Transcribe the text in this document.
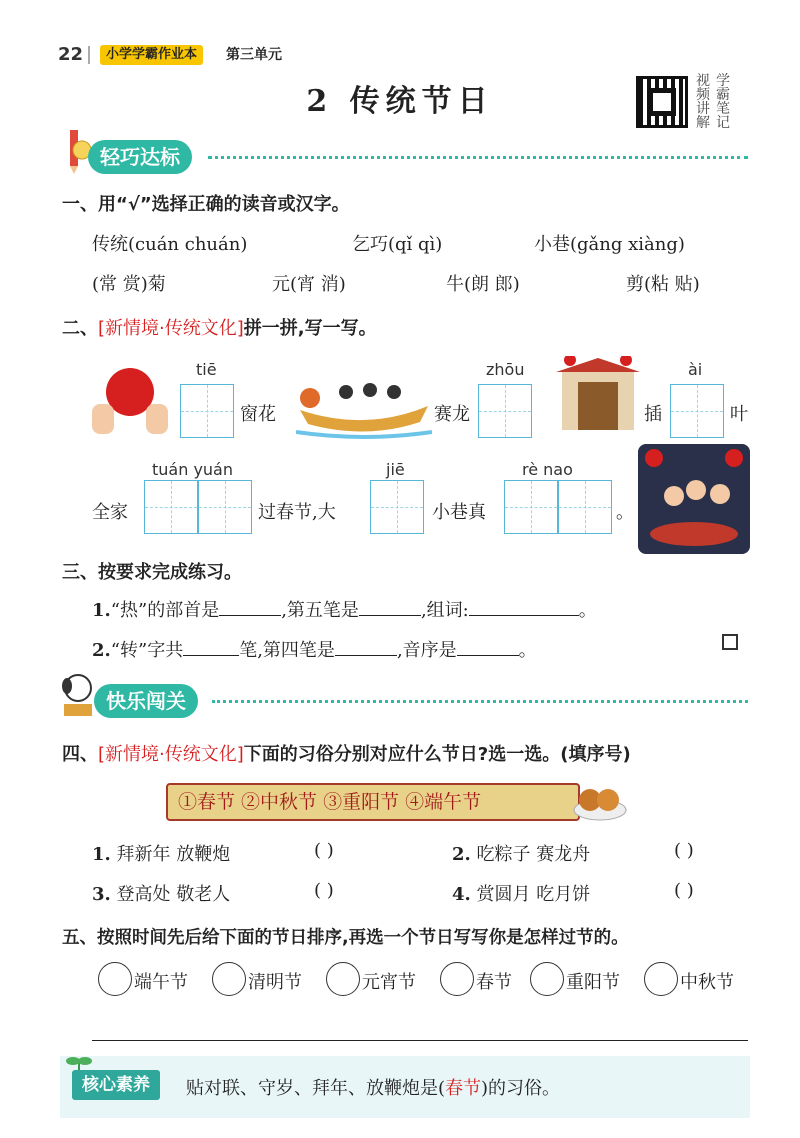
22	小学学霸作业本	第三单元
2 传统节日
视频讲解
学霸笔记
轻巧达标
一、用“√”选择正确的读音或汉字。
传统(cuán chuán)	乞巧(qǐ qì)	小巷(gǎng xiàng)
(常 赏)菊	元(宵 消)	牛(朗 郎)	剪(粘 贴)
二、[新情境·传统文化]拼一拼,写一写。
tiē
窗花
zhōu
赛龙	插
ài
叶
全家
tuán yuán
过春节,大
jiē
小巷真
rè nao
。
三、按要求完成练习。
1.“热”的部首是	,第五笔是	,组词:	。
2.“转”字共	笔,第四笔是	,音序是	。
快乐闯关
四、[新情境·传统文化]下面的习俗分别对应什么节日?选一选。(填序号)
①春节 ②中秋节 ③重阳节 ④端午节
1. 拜新年 放鞭炮	( )	2. 吃粽子 赛龙舟	( )
3. 登高处 敬老人	( )	4. 赏圆月 吃月饼	( )
五、按照时间先后给下面的节日排序,再选一个节日写写你是怎样过节的。
端午节	清明节	元宵节	春节	重阳节	中秋节
核心素养	贴对联、守岁、拜年、放鞭炮是(春节)的习俗。
